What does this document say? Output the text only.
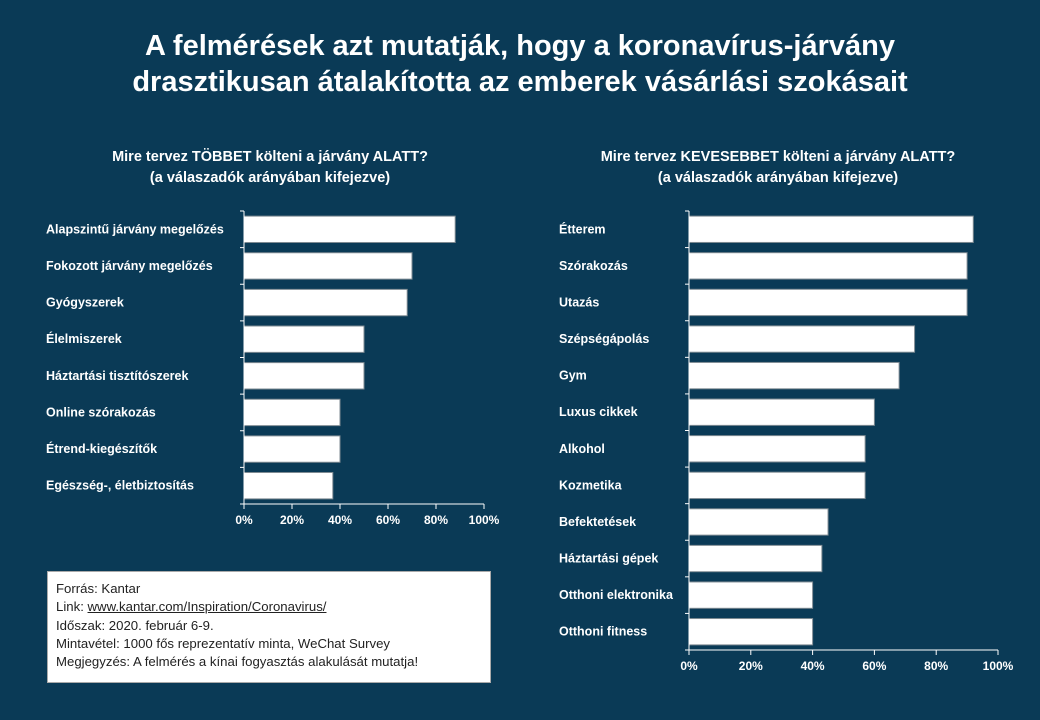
A felmérések azt mutatják, hogy a koronavírus-járvány
drasztikusan átalakította az emberek vásárlási szokásait
Mire tervez TÖBBET költeni a járvány ALATT?
(a válaszadók arányában kifejezve)
Mire tervez KEVESEBBET költeni a járvány ALATT?
(a válaszadók arányában kifejezve)
Alapszintű járvány megelőzés
Fokozott járvány megelőzés
Gyógyszerek
Élelmiszerek
Háztartási tisztítószerek
Online szórakozás
Étrend-kiegészítők
Egészség-, életbiztosítás
0% 20% 40% 60% 80% 100%
Étterem
Szórakozás
Utazás
Szépségápolás
Gym
Luxus cikkek
Alkohol
Kozmetika
Befektetések
Háztartási gépek
Otthoni elektronika
Otthoni fitness
0%	20%	40%	60%	80%	100%
Forrás: Kantar
Link: www.kantar.com/Inspiration/Coronavirus/
Időszak: 2020. február 6-9.
Mintavétel: 1000 fős reprezentatív minta, WeChat Survey
Megjegyzés: A felmérés a kínai fogyasztás alakulását mutatja!
